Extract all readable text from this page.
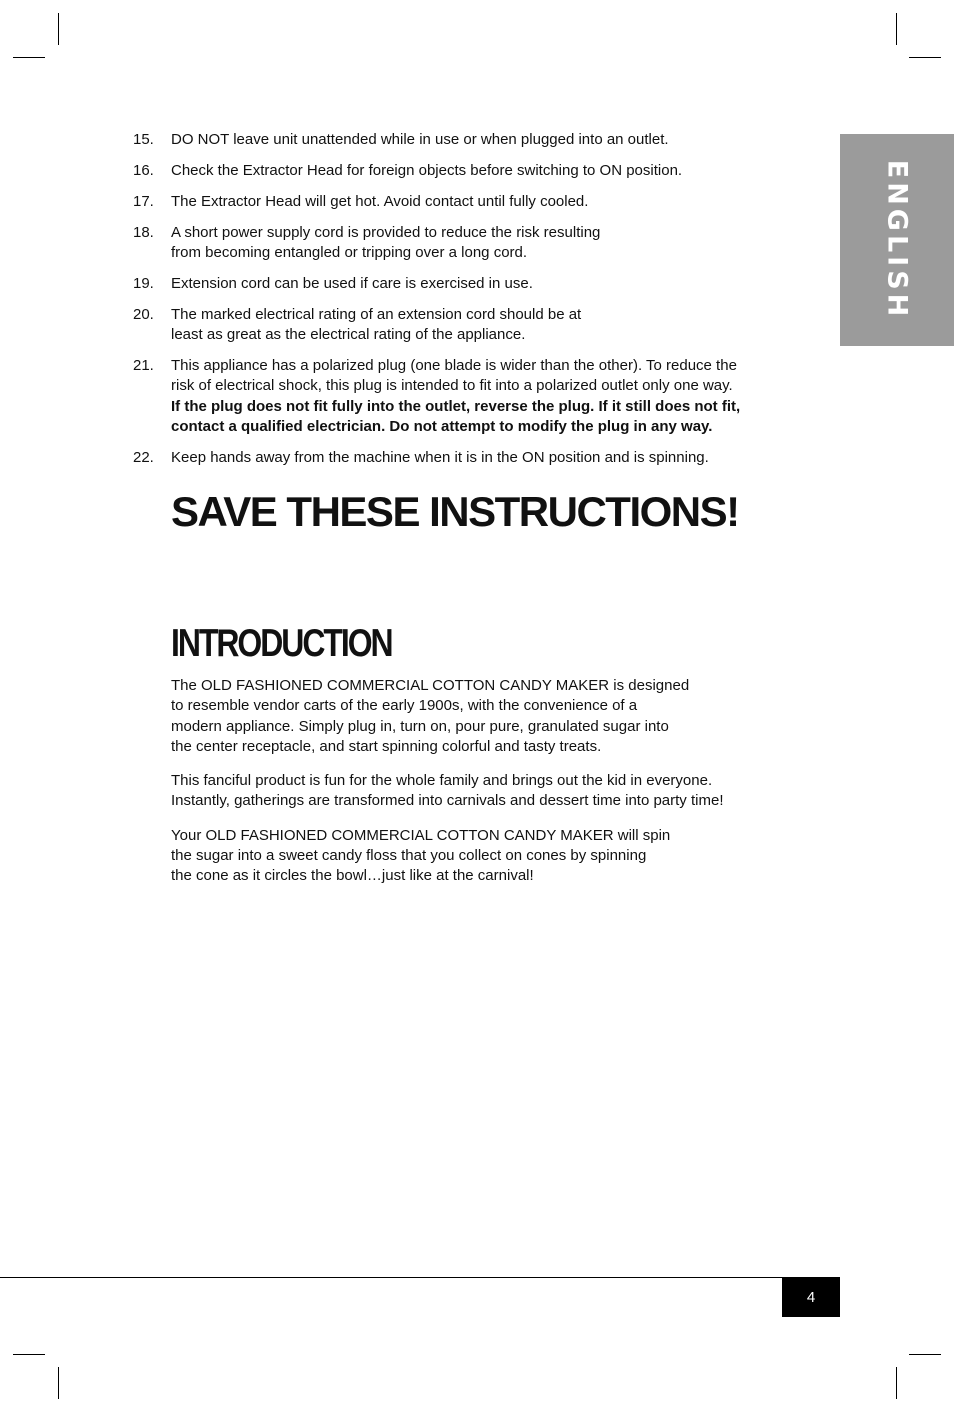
ENGLISH
15.	DO NOT leave unit unattended while in use or when plugged into an outlet.
16.	Check the Extractor Head for foreign objects before switching to ON position.
17.	The Extractor Head will get hot. Avoid contact until fully cooled.
18.	A short power supply cord is provided to reduce the risk resulting
from becoming entangled or tripping over a long cord.
19.	Extension cord can be used if care is exercised in use.
20.	The marked electrical rating of an extension cord should be at
least as great as the electrical rating of the appliance.
21.	This appliance has a polarized plug (one blade is wider than the other). To reduce the
risk of electrical shock, this plug is intended to fit into a polarized outlet only one way.
If the plug does not fit fully into the outlet, reverse the plug. If it still does not fit,
contact a qualified electrician. Do not attempt to modify the plug in any way.
22.	Keep hands away from the machine when it is in the ON position and is spinning.
SAVE THESE INSTRUCTIONS!
INTRODUCTION

The OLD FASHIONED COMMERCIAL COTTON CANDY MAKER is designed
to resemble vendor carts of the early 1900s, with the convenience of a
modern appliance. Simply plug in, turn on, pour pure, granulated sugar into
the center receptacle, and start spinning colorful and tasty treats.

This fanciful product is fun for the whole family and brings out the kid in everyone.
Instantly, gatherings are transformed into carnivals and dessert time into party time!

Your OLD FASHIONED COMMERCIAL COTTON CANDY MAKER will spin
the sugar into a sweet candy floss that you collect on cones by spinning
the cone as it circles the bowl…just like at the carnival!

4
